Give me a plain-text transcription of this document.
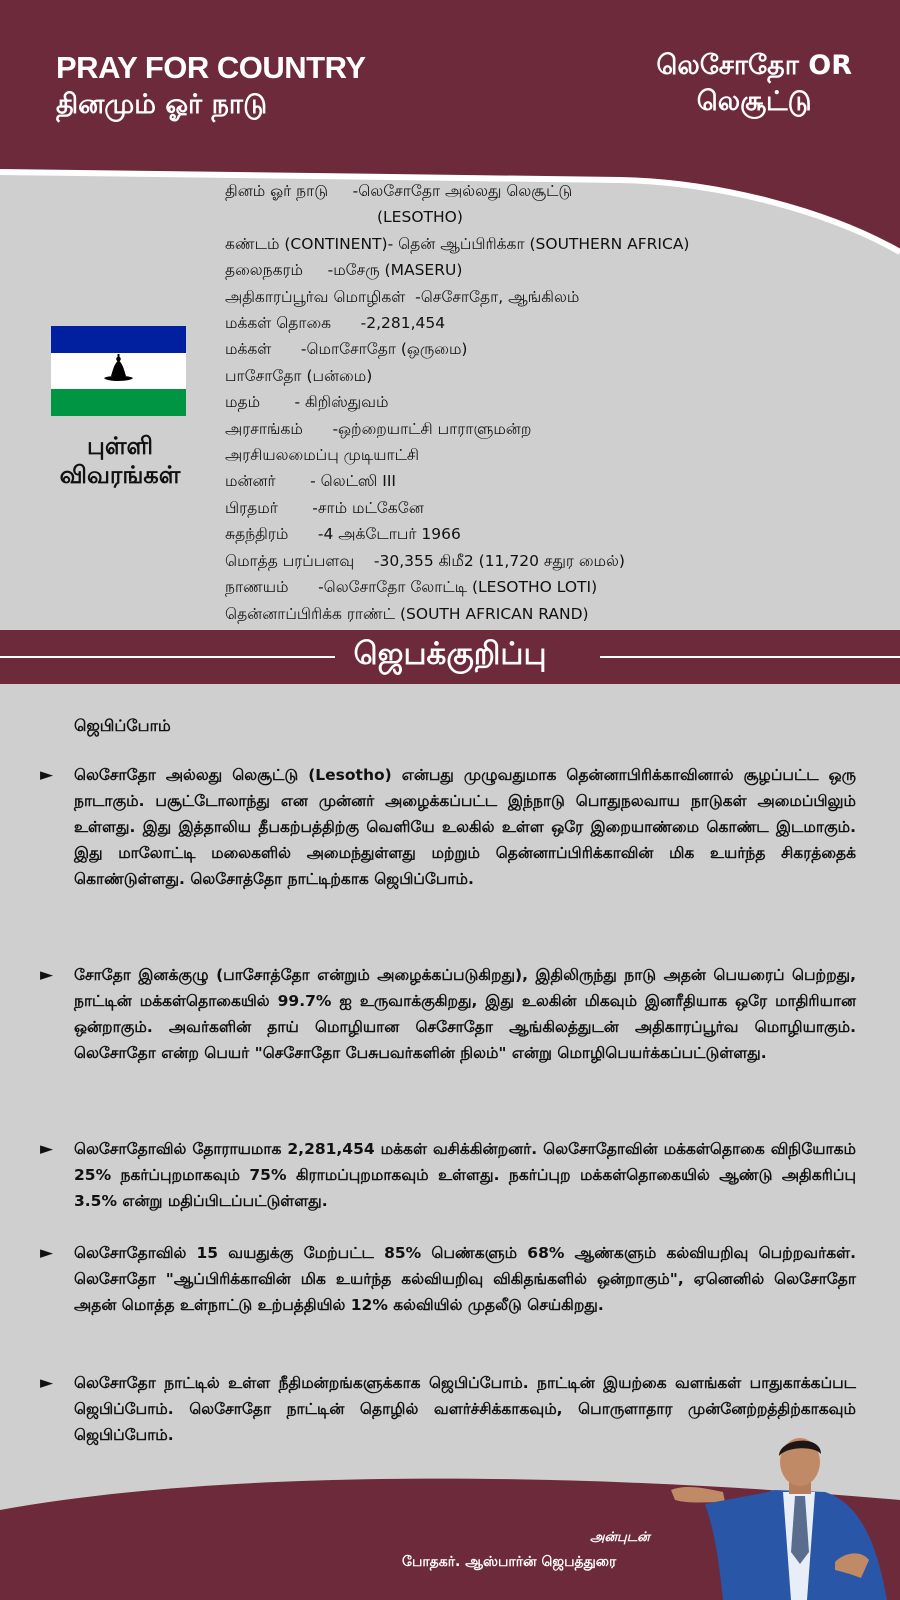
PRAY FOR COUNTRY
தினமும் ஓர் நாடு
லெசோதோ OR
லெசூட்டு
புள்ளி
விவரங்கள்
தினம் ஓர் நாடு     -லெசோதோ அல்லது லெசூட்டு
(LESOTHO)
கண்டம் (CONTINENT)- தென் ஆப்பிரிக்கா (SOUTHERN AFRICA)
தலைநகரம்     -மசேரு (MASERU)
அதிகாரப்பூர்வ மொழிகள்  -செசோதோ, ஆங்கிலம்
மக்கள் தொகை      -2,281,454
மக்கள்      -மொசோதோ (ஒருமை)
பாசோதோ (பன்மை)
மதம்       - கிறிஸ்துவம்
அரசாங்கம்      -ஒற்றையாட்சி பாராளுமன்ற
அரசியலமைப்பு முடியாட்சி
மன்னர்       - லெட்ஸி III
பிரதமர்       -சாம் மட்கேனே
சுதந்திரம்      -4 அக்டோபர் 1966
மொத்த பரப்பளவு    -30,355 கிமீ2 (11,720 சதுர மைல்)
நாணயம்      -லெசோதோ லோட்டி (LESOTHO LOTI)
தென்னாப்பிரிக்க ராண்ட் (SOUTH AFRICAN RAND)
ஜெபக்குறிப்பு
ஜெபிப்போம்
► லெசோதோ அல்லது லெசூட்டு (Lesotho) என்பது முழுவதுமாக தென்னாபிரிக்காவினால் சூழப்பட்ட ஒரு நாடாகும். பசூட்டோலாந்து என முன்னர் அழைக்கப்பட்ட இந்நாடு பொதுநலவாய நாடுகள் அமைப்பிலும் உள்ளது. இது இத்தாலிய தீபகற்பத்திற்கு வெளியே உலகில் உள்ள ஒரே இறையாண்மை கொண்ட இடமாகும். இது மாலோட்டி மலைகளில் அமைந்துள்ளது மற்றும் தென்னாப்பிரிக்காவின் மிக உயர்ந்த சிகரத்தைக் கொண்டுள்ளது. லெசோத்தோ நாட்டிற்காக ஜெபிப்போம்.
► சோதோ இனக்குழு (பாசோத்தோ என்றும் அழைக்கப்படுகிறது), இதிலிருந்து நாடு அதன் பெயரைப் பெற்றது, நாட்டின் மக்கள்தொகையில் 99.7% ஐ உருவாக்குகிறது, இது உலகின் மிகவும் இனரீதியாக ஒரே மாதிரியான ஒன்றாகும். அவர்களின் தாய் மொழியான செசோதோ ஆங்கிலத்துடன் அதிகாரப்பூர்வ மொழியாகும். லெசோதோ என்ற பெயர் "செசோதோ பேசுபவர்களின் நிலம்" என்று மொழிபெயர்க்கப்பட்டுள்ளது.
► லெசோதோவில் தோராயமாக 2,281,454 மக்கள் வசிக்கின்றனர். லெசோதோவின் மக்கள்தொகை விநியோகம் 25% நகர்ப்புறமாகவும் 75% கிராமப்புறமாகவும் உள்ளது. நகர்ப்புற மக்கள்தொகையில் ஆண்டு அதிகரிப்பு 3.5% என்று மதிப்பிடப்பட்டுள்ளது.
► லெசோதோவில் 15 வயதுக்கு மேற்பட்ட 85% பெண்களும் 68% ஆண்களும் கல்வியறிவு பெற்றவர்கள். லெசோதோ "ஆப்பிரிக்காவின் மிக உயர்ந்த கல்வியறிவு விகிதங்களில் ஒன்றாகும்", ஏனெனில் லெசோதோ அதன் மொத்த உள்நாட்டு உற்பத்தியில் 12% கல்வியில் முதலீடு செய்கிறது.
► லெசோதோ நாட்டில் உள்ள நீதிமன்றங்களுக்காக ஜெபிப்போம். நாட்டின் இயற்கை வளங்கள் பாதுகாக்கப்பட ஜெபிப்போம். லெசோதோ நாட்டின் தொழில் வளர்ச்சிக்காகவும், பொருளாதார முன்னேற்றத்திற்காகவும் ஜெபிப்போம்.
அன்புடன்
போதகர். ஆஸ்பார்ன் ஜெபத்துரை
